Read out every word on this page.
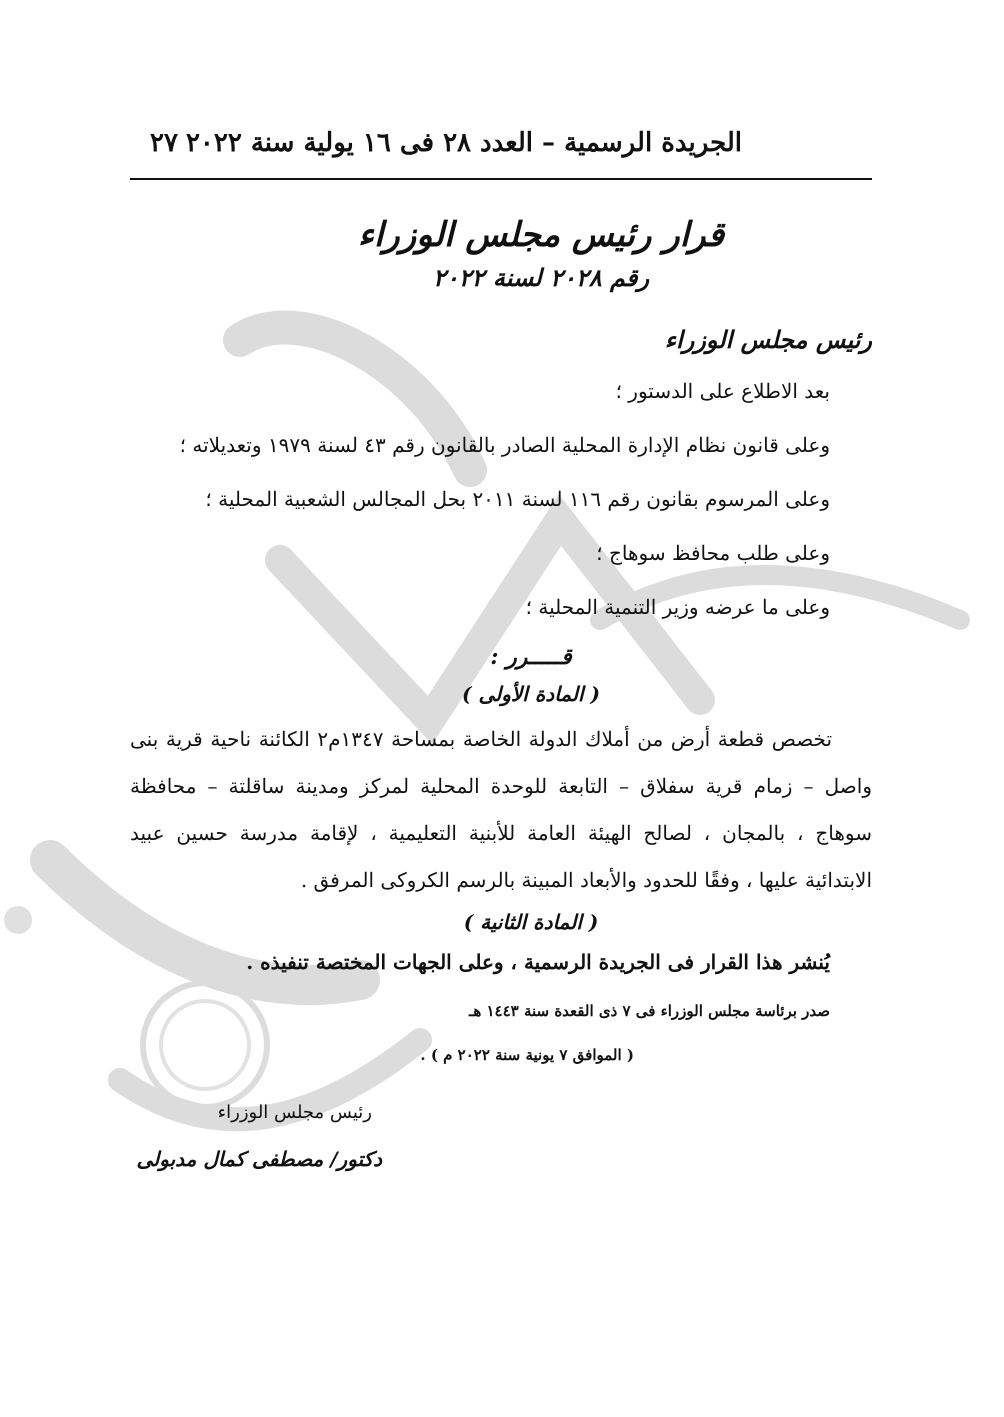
الجريدة الرسمية – العدد ٢٨ فى ١٦ يولية سنة ٢٠٢٢
٢٧
قرار رئيس مجلس الوزراء
رقم ٢٠٢٨ لسنة ٢٠٢٢
رئيس مجلس الوزراء
بعد الاطلاع على الدستور ؛
وعلى قانون نظام الإدارة المحلية الصادر بالقانون رقم ٤٣ لسنة ١٩٧٩ وتعديلاته ؛
وعلى المرسوم بقانون رقم ١١٦ لسنة ٢٠١١ بحل المجالس الشعبية المحلية ؛
وعلى طلب محافظ سوهاج ؛
وعلى ما عرضه وزير التنمية المحلية ؛
قـــــرر :
( المادة الأولى )

تخصص قطعة أرض من أملاك الدولة الخاصة بمساحة ١٣٤٧م٢ الكائنة ناحية قرية بنى واصل – زمام قرية سفلاق – التابعة للوحدة المحلية لمركز ومدينة ساقلتة – محافظة سوهاج ، بالمجان ، لصالح الهيئة العامة للأبنية التعليمية ، لإقامة مدرسة حسين عبيد الابتدائية عليها ، وفقًا للحدود والأبعاد المبينة بالرسم الكروكى المرفق .

( المادة الثانية )

يُنشر هذا القرار فى الجريدة الرسمية ، وعلى الجهات المختصة تنفيذه .

صدر برئاسة مجلس الوزراء فى ٧ ذى القعدة سنة ١٤٤٣ هـ
( الموافق ٧ يونية سنة ٢٠٢٢ م ) .
رئيس مجلس الوزراء
دكتور/ مصطفى كمال مدبولى
